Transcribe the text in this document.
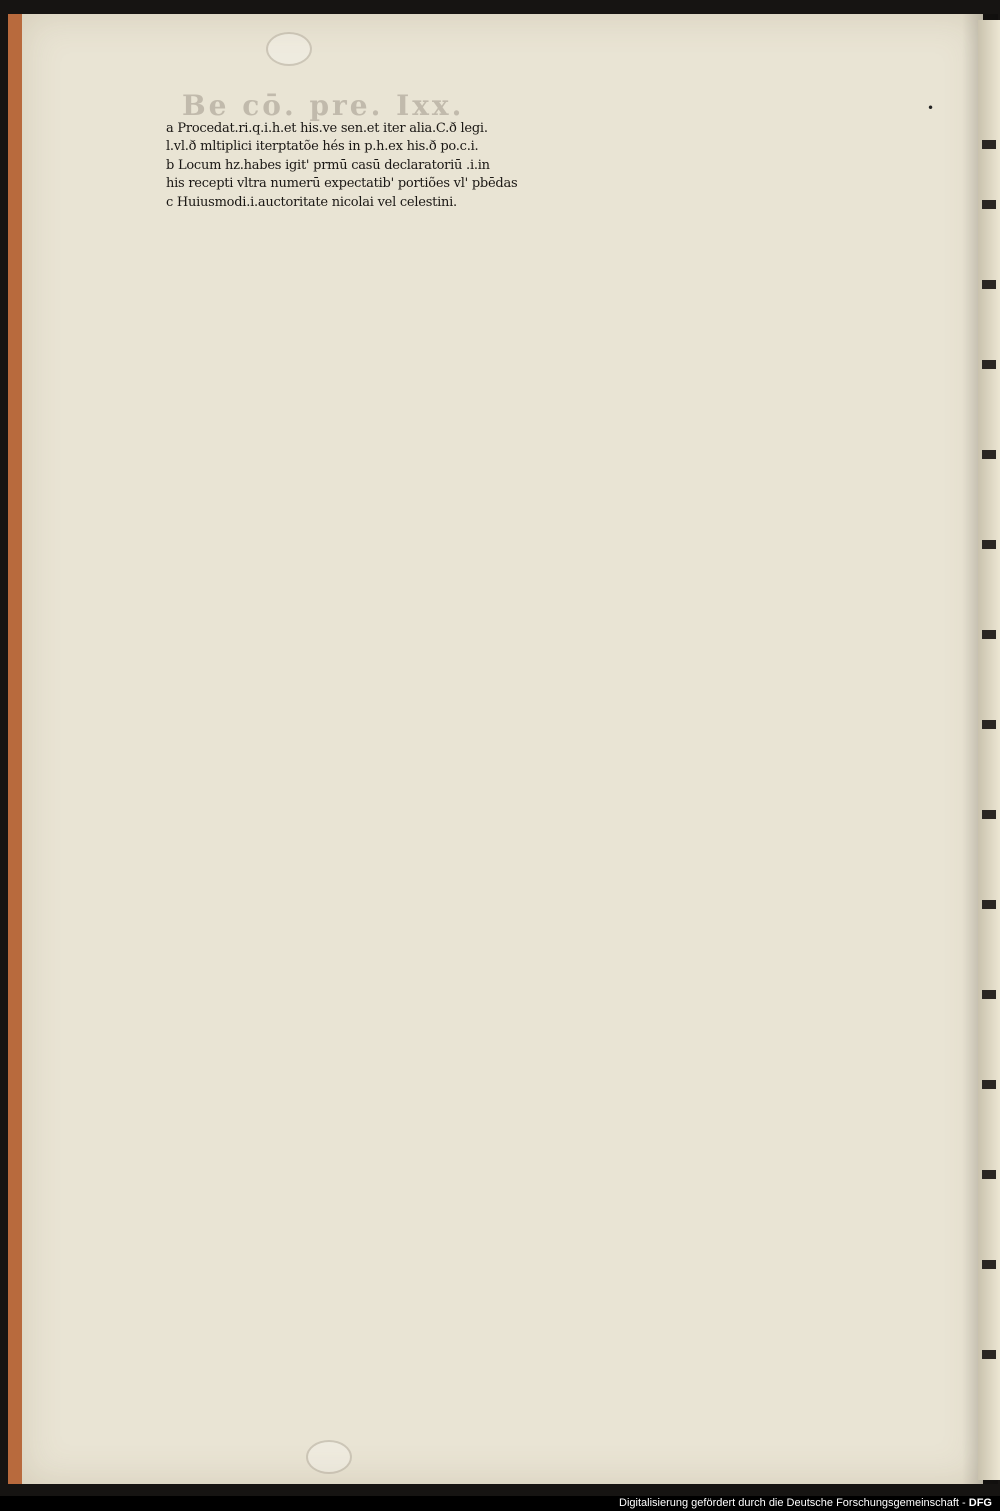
Be cō. pre. Ixx.	•
a Procedat.ri.q.i.h.et his.ve sen.et iter alia.C.ð legi.
l.vl.ð mltiplici iterptatõe hés in p.h.ex his.ð po.c.i.
b Locum hz.habes igit' prmū casū declaratoriū .i.in
his recepti vltra numerū expectatib' portiões vl' pbēdas
c Huiusmodi.i.auctoritate nicolai vel celestini.
Digitalisierung gefördert durch die Deutsche Forschungsgemeinschaft - DFG
